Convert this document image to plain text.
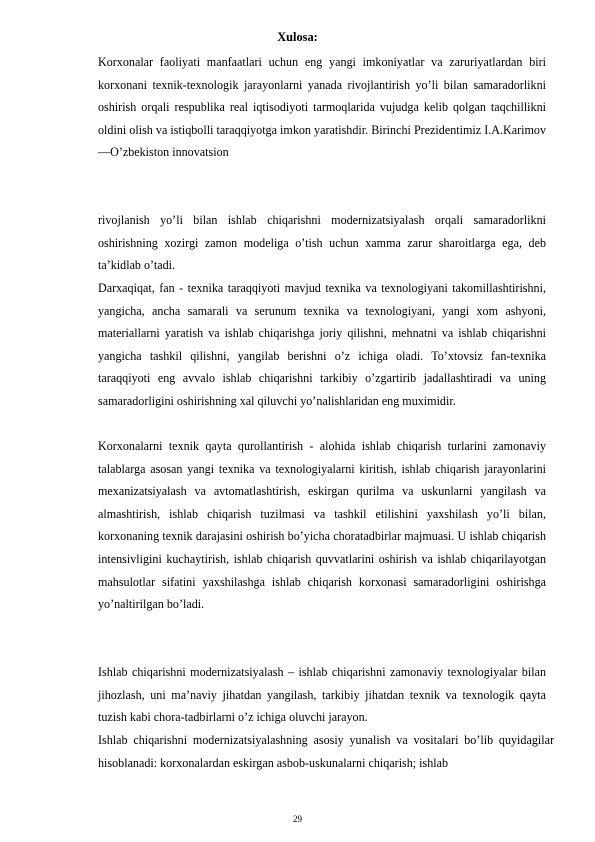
Xulosa:

Korxonalar faoliyati manfaatlari uchun eng yangi imkoniyatlar va zaruriyatlardan biri korxonani texnik-texnologik jarayonlarni yanada rivojlantirish yo’li bilan samaradorlikni oshirish orqali respublika real iqtisodiyoti tarmoqlarida vujudga kelib qolgan taqchillikni oldini olish va istiqbolli taraqqiyotga imkon yaratishdir. Birinchi Prezidentimiz I.A.Karimov ―O’zbekiston innovatsion

rivojlanish yo’li bilan ishlab chiqarishni modernizatsiyalash orqali samaradorlikni oshirishning xozirgi zamon modeliga o’tish uchun xamma zarur sharoitlarga ega, deb ta’kidlab o’tadi.

Darxaqiqat, fan - texnika taraqqiyoti mavjud texnika va texnologiyani takomillashtirishni, yangicha, ancha samarali va serunum texnika va texnologiyani, yangi xom ashyoni, materiallarni yaratish va ishlab chiqarishga joriy qilishni, mehnatni va ishlab chiqarishni yangicha tashkil qilishni, yangilab berishni o’z ichiga oladi. To’xtovsiz fan-texnika taraqqiyoti eng avvalo ishlab chiqarishni tarkibiy o’zgartirib jadallashtiradi va uning samaradorligini oshirishning xal qiluvchi yo’nalishlaridan eng muximidir.

Korxonalarni texnik qayta qurollantirish - alohida ishlab chiqarish turlarini zamonaviy talablarga asosan yangi texnika va texnologiyalarni kiritish, ishlab chiqarish jarayonlarini mexanizatsiyalash va avtomatlashtirish, eskirgan qurilma va uskunlarni yangilash va almashtirish, ishlab chiqarish tuzilmasi va tashkil etilishini yaxshilash yo’li bilan, korxonaning texnik darajasini oshirish bo’yicha choratadbirlar majmuasi. U ishlab chiqarish intensivligini kuchaytirish, ishlab chiqarish quvvatlarini oshirish va ishlab chiqarilayotgan mahsulotlar sifatini yaxshilashga ishlab chiqarish korxonasi samaradorligini oshirishga yo’naltirilgan bo’ladi.

Ishlab chiqarishni modernizatsiyalash – ishlab chiqarishni zamonaviy texnologiyalar bilan jihozlash, uni ma’naviy jihatdan yangilash, tarkibiy jihatdan texnik va texnologik qayta tuzish kabi chora-tadbirlarni o’z ichiga oluvchi jarayon.

Ishlab chiqarishni modernizatsiyalashning asosiy yunalish va vositalari bo’lib quyidagilar hisoblanadi: korxonalardan eskirgan asbob-uskunalarni chiqarish; ishlab

29
